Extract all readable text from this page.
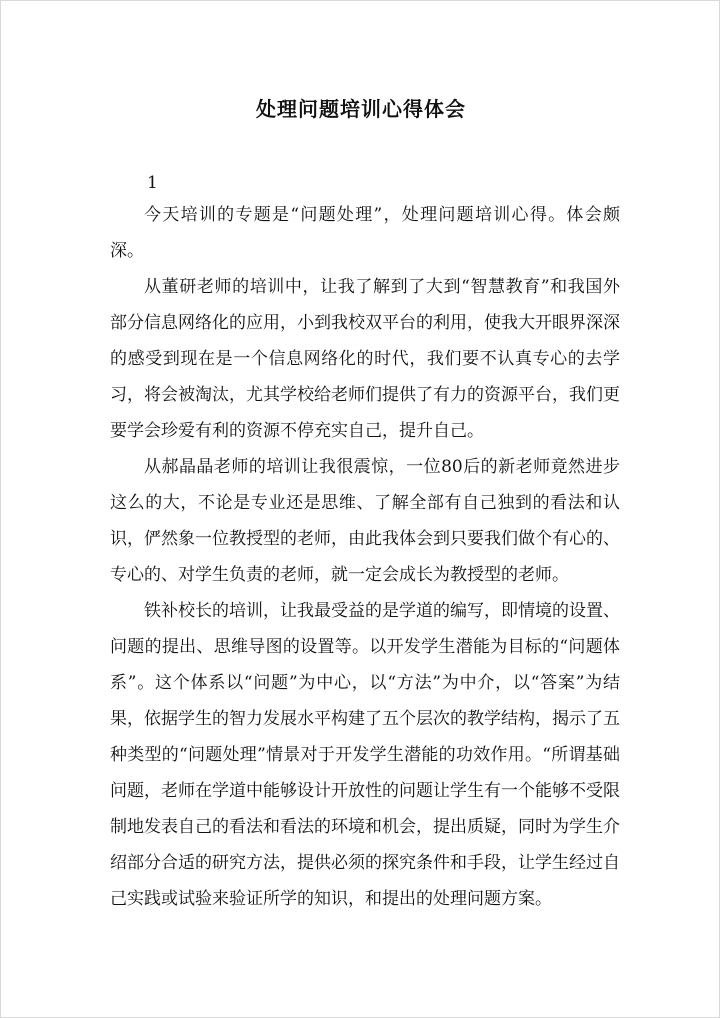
处理问题培训心得体会
1

今天培训的专题是“问题处理”，处理问题培训心得。体会颇深。

从董研老师的培训中，让我了解到了大到“智慧教育”和我国外部分信息网络化的应用，小到我校双平台的利用，使我大开眼界深深的感受到现在是一个信息网络化的时代，我们要不认真专心的去学习，将会被淘汰，尤其学校给老师们提供了有力的资源平台，我们更要学会珍爱有利的资源不停充实自己，提升自己。

从郝晶晶老师的培训让我很震惊，一位80后的新老师竟然进步这么的大，不论是专业还是思维、了解全部有自己独到的看法和认识，俨然象一位教授型的老师，由此我体会到只要我们做个有心的、专心的、对学生负责的老师，就一定会成长为教授型的老师。

铁补校长的培训，让我最受益的是学道的编写，即情境的设置、问题的提出、思维导图的设置等。以开发学生潜能为目标的“问题体系”。这个体系以“问题”为中心，以“方法”为中介，以“答案”为结果，依据学生的智力发展水平构建了五个层次的教学结构，揭示了五种类型的“问题处理”情景对于开发学生潜能的功效作用。“所谓基础问题，老师在学道中能够设计开放性的问题让学生有一个能够不受限制地发表自己的看法和看法的环境和机会，提出质疑，同时为学生介绍部分合适的研究方法，提供必须的探究条件和手段，让学生经过自己实践或试验来验证所学的知识，和提出的处理问题方案。
